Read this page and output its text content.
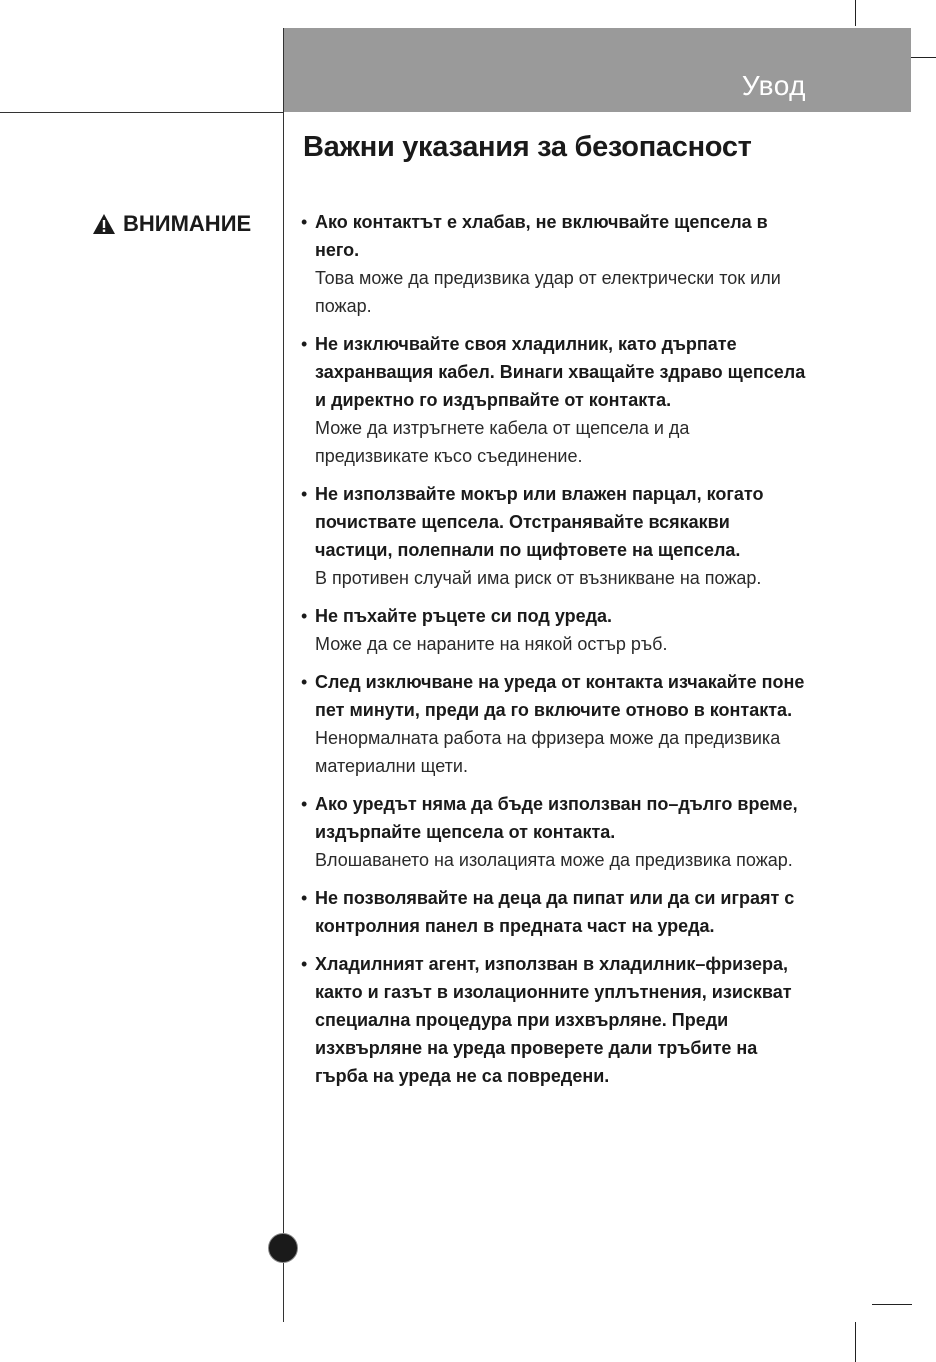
Увод
Важни указания за безопасност
ВНИМАНИЕ	• Ако контактът е хлабав, не включвайте щепсела в него.
Това може да предизвика удар от електрически ток или пожар.
• Не изключвайте своя хладилник, като дърпате захранващия кабел. Винаги хващайте здраво щепсела и директно го издърпвайте от контакта.
Може да изтръгнете кабела от щепсела и да предизвикате късо съединение.
• Не използвайте мокър или влажен парцал, когато почиствате щепсела. Отстранявайте всякакви частици, полепнали по щифтовете на щепсела.
В противен случай има риск от възникване на пожар.
• Не пъхайте ръцете си под уреда.
Може да се нараните на някой остър ръб.
• След изключване на уреда от контакта изчакайте поне пет минути, преди да го включите отново в контакта.
Ненормалната работа на фризера може да предизвика материални щети.
• Ако уредът няма да бъде използван по–дълго време, издърпайте щепсела от контакта.
Влошаването на изолацията може да предизвика пожар.
• Не позволявайте на деца да пипат или да си играят с контролния панел в предната част на уреда.
• Хладилният агент, използван в хладилник–фризера, както и газът в изолационните уплътнения, изискват специална процедура при изхвърляне. Преди изхвърляне на уреда проверете дали тръбите на гърба на уреда не са повредени.
